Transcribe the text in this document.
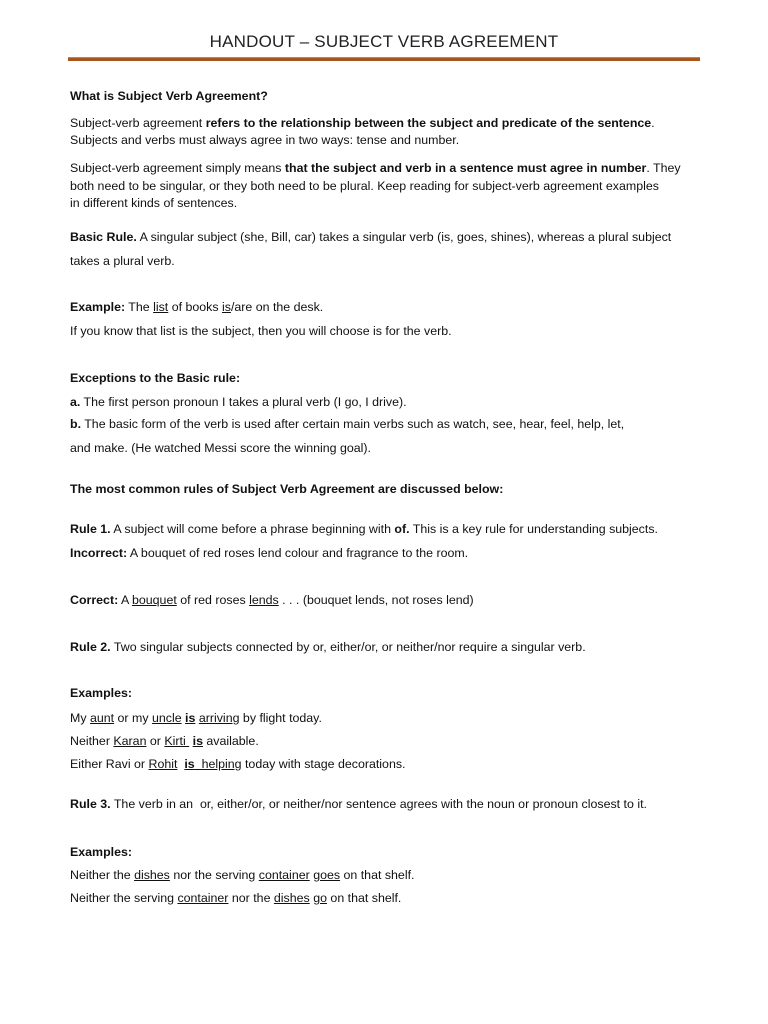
HANDOUT – SUBJECT VERB AGREEMENT
What is Subject Verb Agreement?
Subject-verb agreement refers to the relationship between the subject and predicate of the sentence.
Subjects and verbs must always agree in two ways: tense and number.
Subject-verb agreement simply means that the subject and verb in a sentence must agree in number. They
both need to be singular, or they both need to be plural. Keep reading for subject-verb agreement examples
in different kinds of sentences.
Basic Rule. A singular subject (she, Bill, car) takes a singular verb (is, goes, shines), whereas a plural subject
takes a plural verb.
Example: The list of books is/are on the desk.
If you know that list is the subject, then you will choose is for the verb.
Exceptions to the Basic rule:
a. The first person pronoun I takes a plural verb (I go, I drive).
b. The basic form of the verb is used after certain main verbs such as watch, see, hear, feel, help, let,
and make. (He watched Messi score the winning goal).
The most common rules of Subject Verb Agreement are discussed below:
Rule 1. A subject will come before a phrase beginning with of. This is a key rule for understanding subjects.
Incorrect: A bouquet of red roses lend colour and fragrance to the room.
Correct: A bouquet of red roses lends . . . (bouquet lends, not roses lend)
Rule 2. Two singular subjects connected by or, either/or, or neither/nor require a singular verb.
Examples:
My aunt or my uncle is arriving by flight today.
Neither Karan or Kirti  is available.
Either Ravi or Rohit is  helping today with stage decorations.
Rule 3. The verb in an  or, either/or, or neither/nor sentence agrees with the noun or pronoun closest to it.
Examples:
Neither the dishes nor the serving container goes on that shelf.
Neither the serving container nor the dishes go on that shelf.
